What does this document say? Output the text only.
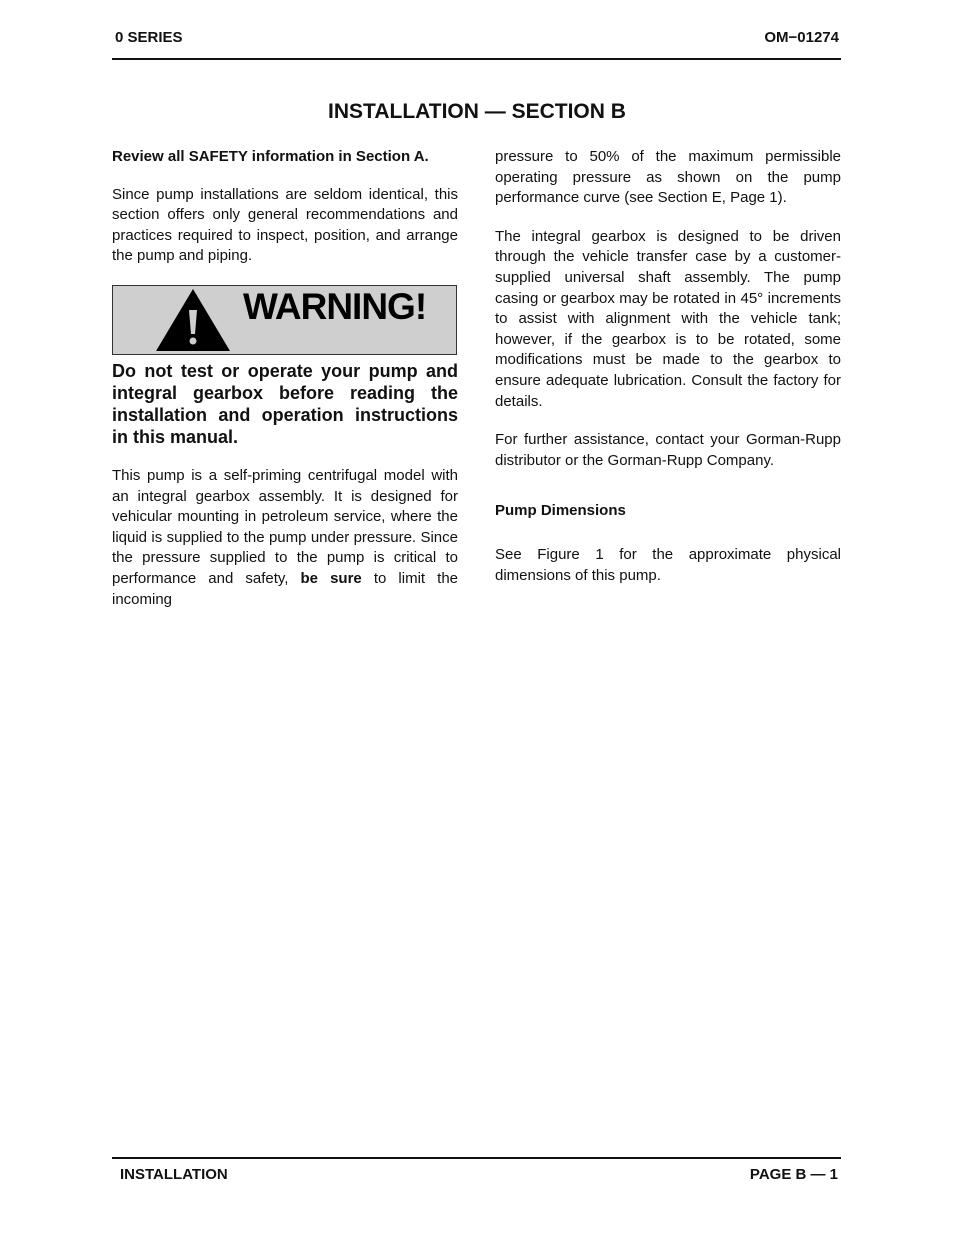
0 SERIES	OM−01274
INSTALLATION — SECTION B

Review all SAFETY information in Section A.

Since pump installations are seldom identical, this section offers only general recommendations and practices required to inspect, position, and arrange the pump and piping.

WARNING!

Do not test or operate your pump and integral gearbox before reading the installation and operation instructions in this manual.

This pump is a self-priming centrifugal model with an integral gearbox assembly. It is designed for vehicular mounting in petroleum service, where the liquid is supplied to the pump under pressure. Since the pressure supplied to the pump is critical to performance and safety, be sure to limit the incoming

pressure to 50% of the maximum permissible operating pressure as shown on the pump performance curve (see Section E, Page 1).

The integral gearbox is designed to be driven through the vehicle transfer case by a customer-supplied universal shaft assembly. The pump casing or gearbox may be rotated in 45° increments to assist with alignment with the vehicle tank; however, if the gearbox is to be rotated, some modifications must be made to the gearbox to ensure adequate lubrication. Consult the factory for details.

For further assistance, contact your Gorman-Rupp distributor or the Gorman-Rupp Company.

Pump Dimensions

See Figure 1 for the approximate physical dimensions of this pump.

INSTALLATION	PAGE B — 1
